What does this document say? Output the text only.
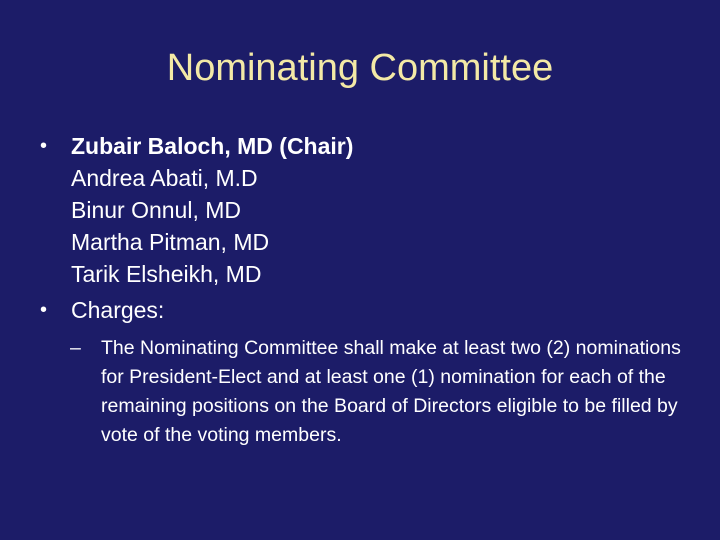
Nominating Committee
•	Zubair Baloch, MD (Chair)
Andrea Abati, M.D
Binur Onnul, MD
Martha Pitman, MD
Tarik Elsheikh, MD
•	Charges:
– The Nominating Committee shall make at least two (2) nominations for President-Elect and at least one (1) nomination for each of the remaining positions on the Board of Directors eligible to be filled by vote of the voting members.
